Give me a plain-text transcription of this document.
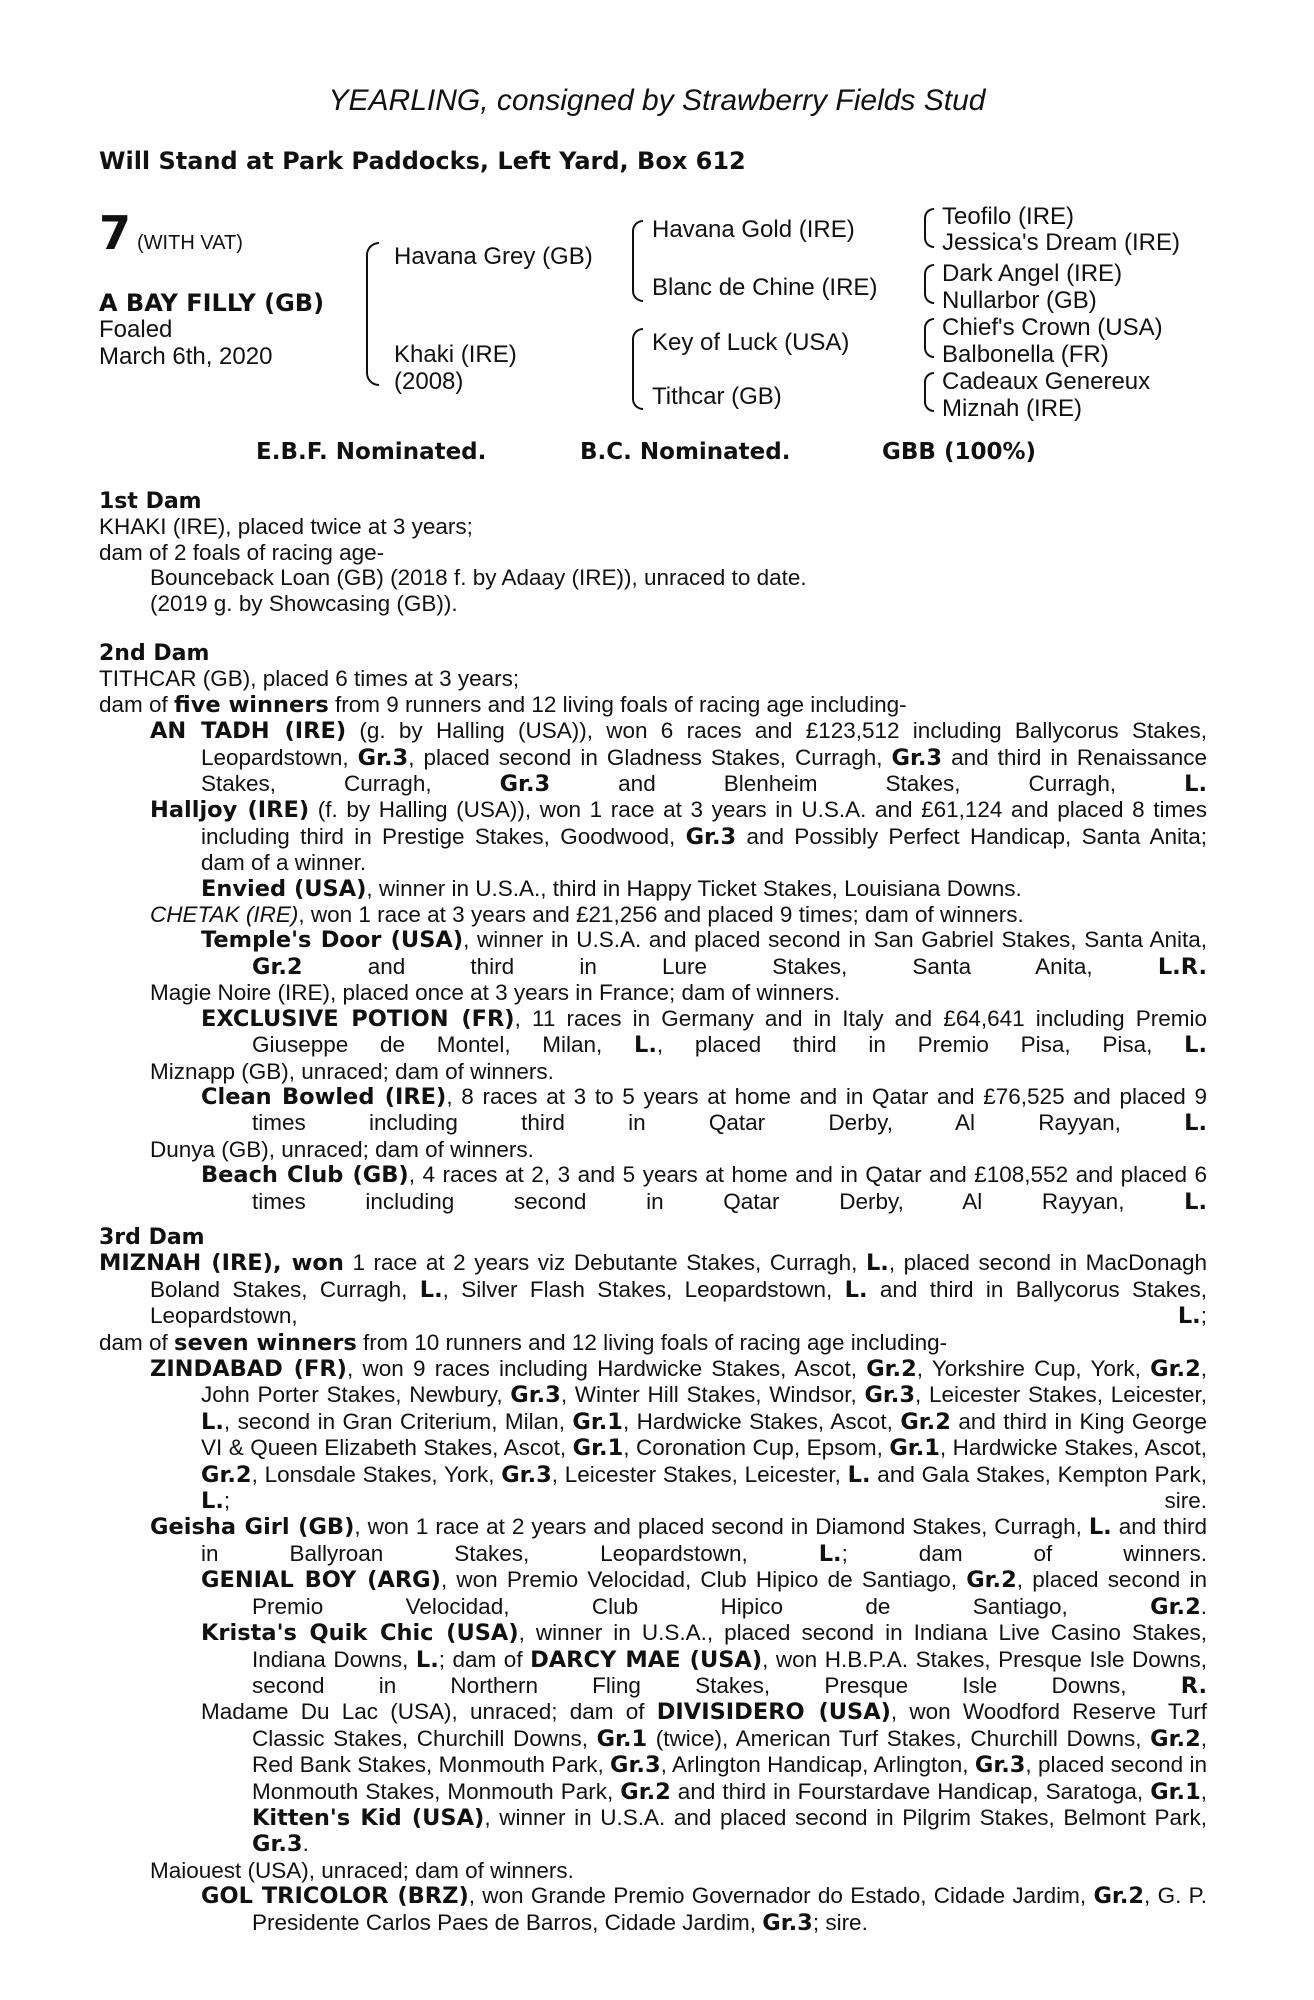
YEARLING, consigned by Strawberry Fields Stud
Will Stand at Park Paddocks, Left Yard, Box 612
7 (WITH VAT)
A BAY FILLY (GB)
Foaled
March 6th, 2020
Havana Grey (GB)
Khaki (IRE)
(2008)
Havana Gold (IRE)
Blanc de Chine (IRE)
Key of Luck (USA)
Tithcar (GB)
Teofilo (IRE)
Jessica's Dream (IRE)
Dark Angel (IRE)
Nullarbor (GB)
Chief's Crown (USA)
Balbonella (FR)
Cadeaux Genereux
Miznah (IRE)
E.B.F. Nominated.	B.C. Nominated.	GBB (100%)
1st Dam
KHAKI (IRE), placed twice at 3 years;
dam of 2 foals of racing age-
Bounceback Loan (GB) (2018 f. by Adaay (IRE)), unraced to date.
(2019 g. by Showcasing (GB)).
2nd Dam
TITHCAR (GB), placed 6 times at 3 years;
dam of five winners from 9 runners and 12 living foals of racing age including-
AN TADH (IRE) (g. by Halling (USA)), won 6 races and £123,512 including Ballycorus Stakes, Leopardstown, Gr.3, placed second in Gladness Stakes, Curragh, Gr.3 and third in Renaissance Stakes, Curragh, Gr.3 and Blenheim Stakes, Curragh, L.
Halljoy (IRE) (f. by Halling (USA)), won 1 race at 3 years in U.S.A. and £61,124 and placed 8 times including third in Prestige Stakes, Goodwood, Gr.3 and Possibly Perfect Handicap, Santa Anita; dam of a winner.
Envied (USA), winner in U.S.A., third in Happy Ticket Stakes, Louisiana Downs.
CHETAK (IRE), won 1 race at 3 years and £21,256 and placed 9 times; dam of winners.
Temple's Door (USA), winner in U.S.A. and placed second in San Gabriel Stakes, Santa Anita, Gr.2 and third in Lure Stakes, Santa Anita, L.R.
Magie Noire (IRE), placed once at 3 years in France; dam of winners.
EXCLUSIVE POTION (FR), 11 races in Germany and in Italy and £64,641 including Premio Giuseppe de Montel, Milan, L., placed third in Premio Pisa, Pisa, L.
Miznapp (GB), unraced; dam of winners.
Clean Bowled (IRE), 8 races at 3 to 5 years at home and in Qatar and £76,525 and placed 9 times including third in Qatar Derby, Al Rayyan, L.
Dunya (GB), unraced; dam of winners.
Beach Club (GB), 4 races at 2, 3 and 5 years at home and in Qatar and £108,552 and placed 6 times including second in Qatar Derby, Al Rayyan, L.
3rd Dam
MIZNAH (IRE), won 1 race at 2 years viz Debutante Stakes, Curragh, L., placed second in MacDonagh Boland Stakes, Curragh, L., Silver Flash Stakes, Leopardstown, L. and third in Ballycorus Stakes, Leopardstown, L.;
dam of seven winners from 10 runners and 12 living foals of racing age including-
ZINDABAD (FR), won 9 races including Hardwicke Stakes, Ascot, Gr.2, Yorkshire Cup, York, Gr.2, John Porter Stakes, Newbury, Gr.3, Winter Hill Stakes, Windsor, Gr.3, Leicester Stakes, Leicester, L., second in Gran Criterium, Milan, Gr.1, Hardwicke Stakes, Ascot, Gr.2 and third in King George VI & Queen Elizabeth Stakes, Ascot, Gr.1, Coronation Cup, Epsom, Gr.1, Hardwicke Stakes, Ascot, Gr.2, Lonsdale Stakes, York, Gr.3, Leicester Stakes, Leicester, L. and Gala Stakes, Kempton Park, L.; sire.
Geisha Girl (GB), won 1 race at 2 years and placed second in Diamond Stakes, Curragh, L. and third in Ballyroan Stakes, Leopardstown, L.; dam of winners.
GENIAL BOY (ARG), won Premio Velocidad, Club Hipico de Santiago, Gr.2, placed second in Premio Velocidad, Club Hipico de Santiago, Gr.2.
Krista's Quik Chic (USA), winner in U.S.A., placed second in Indiana Live Casino Stakes, Indiana Downs, L.; dam of DARCY MAE (USA), won H.B.P.A. Stakes, Presque Isle Downs, second in Northern Fling Stakes, Presque Isle Downs, R.
Madame Du Lac (USA), unraced; dam of DIVISIDERO (USA), won Woodford Reserve Turf Classic Stakes, Churchill Downs, Gr.1 (twice), American Turf Stakes, Churchill Downs, Gr.2, Red Bank Stakes, Monmouth Park, Gr.3, Arlington Handicap, Arlington, Gr.3, placed second in Monmouth Stakes, Monmouth Park, Gr.2 and third in Fourstardave Handicap, Saratoga, Gr.1, Kitten's Kid (USA), winner in U.S.A. and placed second in Pilgrim Stakes, Belmont Park, Gr.3.
Maiouest (USA), unraced; dam of winners.
GOL TRICOLOR (BRZ), won Grande Premio Governador do Estado, Cidade Jardim, Gr.2, G. P. Presidente Carlos Paes de Barros, Cidade Jardim, Gr.3; sire.
